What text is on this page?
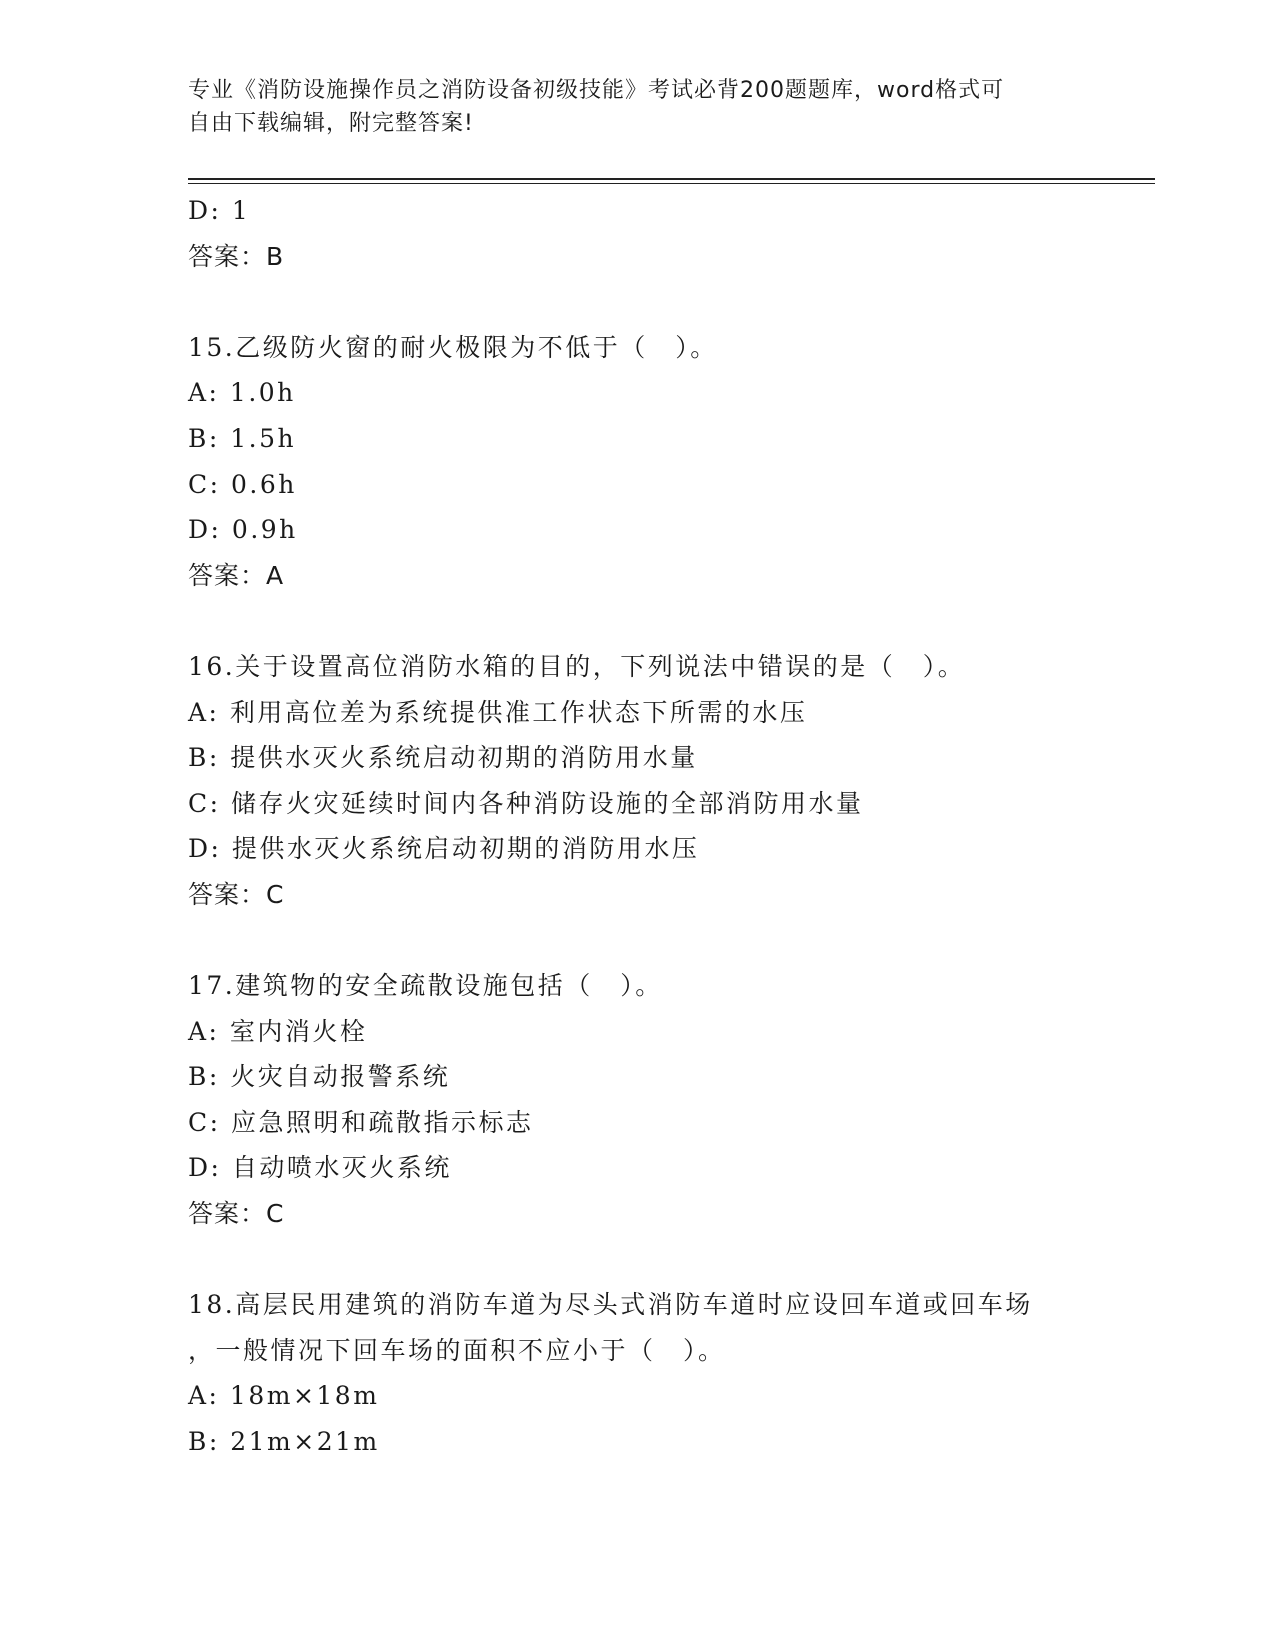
专业《消防设施操作员之消防设备初级技能》考试必背200题题库，word格式可
自由下载编辑，附完整答案!
D: 1
答案：B
15.乙级防火窗的耐火极限为不低于（　）。
A: 1.0h
B: 1.5h
C: 0.6h
D: 0.9h
答案：A
16.关于设置高位消防水箱的目的，下列说法中错误的是（　）。
A: 利用高位差为系统提供准工作状态下所需的水压
B: 提供水灭火系统启动初期的消防用水量
C: 储存火灾延续时间内各种消防设施的全部消防用水量
D: 提供水灭火系统启动初期的消防用水压
答案：C
17.建筑物的安全疏散设施包括（　）。
A: 室内消火栓
B: 火灾自动报警系统
C: 应急照明和疏散指示标志
D: 自动喷水灭火系统
答案：C
18.高层民用建筑的消防车道为尽头式消防车道时应设回车道或回车场
，一般情况下回车场的面积不应小于（　）。
A: 18m×18m
B: 21m×21m
